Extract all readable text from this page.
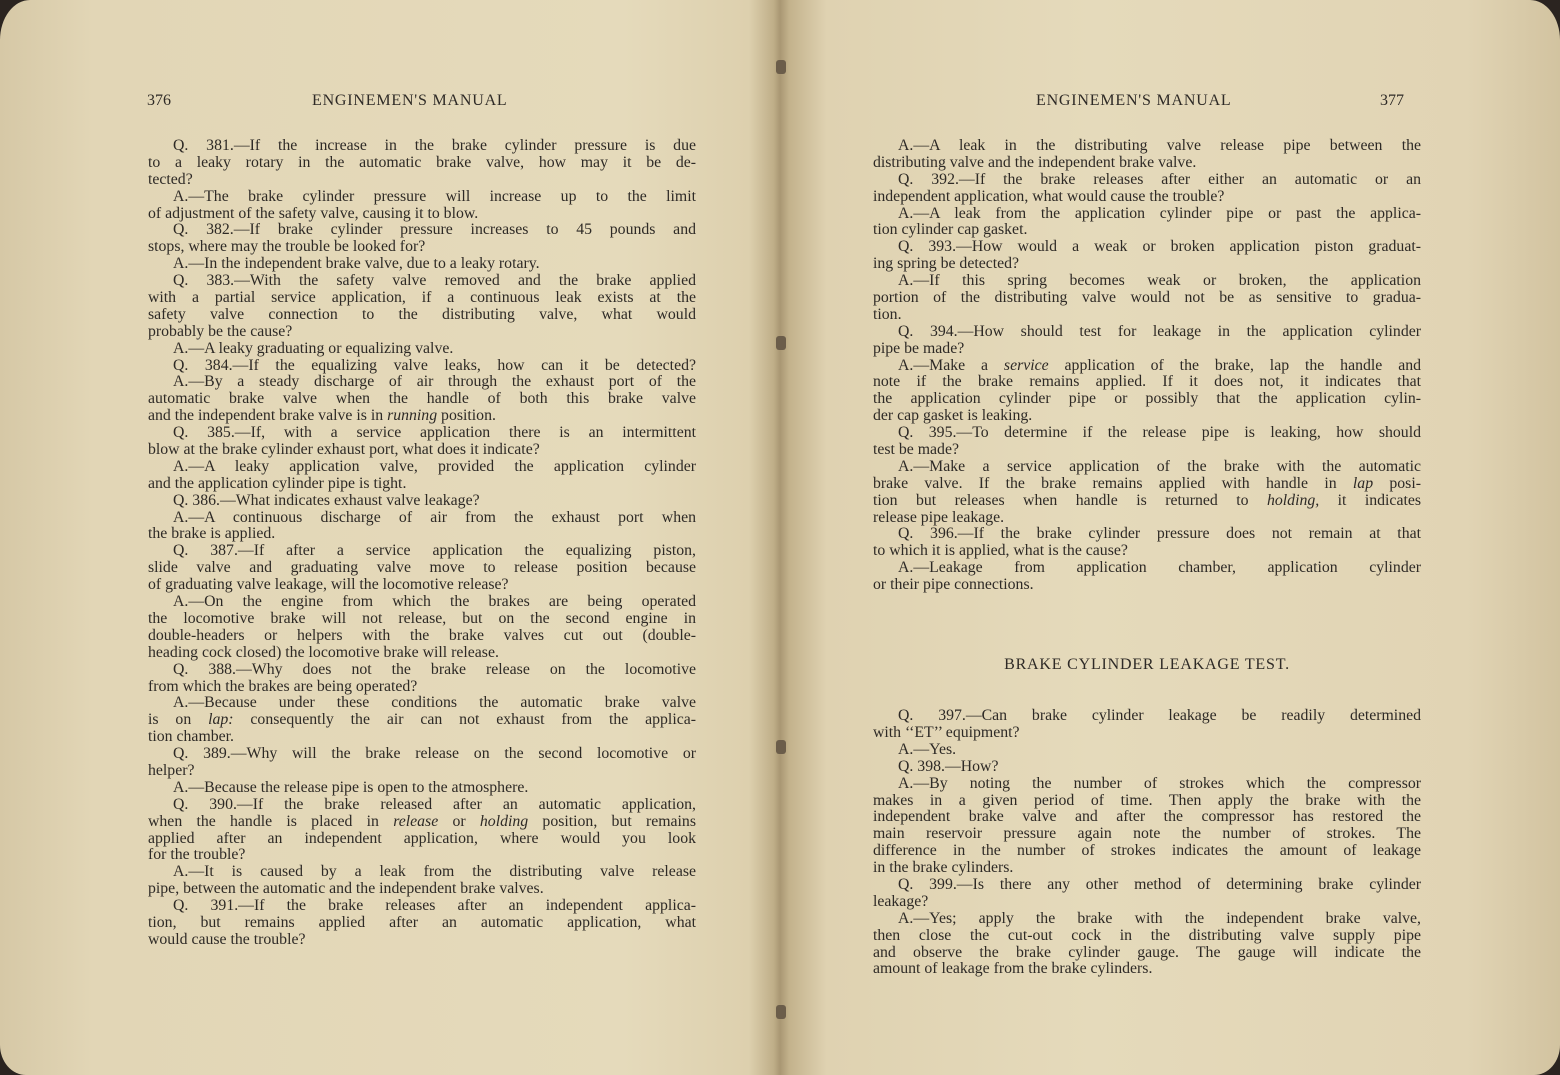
376	ENGINEMEN'S MANUAL
Q. 381.—If the increase in the brake cylinder pressure is due
to a leaky rotary in the automatic brake valve, how may it be de-
tected?
A.—The brake cylinder pressure will increase up to the limit
of adjustment of the safety valve, causing it to blow.
Q. 382.—If brake cylinder pressure increases to 45 pounds and
stops, where may the trouble be looked for?
A.—In the independent brake valve, due to a leaky rotary.
Q. 383.—With the safety valve removed and the brake applied
with a partial service application, if a continuous leak exists at the
safety valve connection to the distributing valve, what would
probably be the cause?
A.—A leaky graduating or equalizing valve.
Q. 384.—If the equalizing valve leaks, how can it be detected?
A.—By a steady discharge of air through the exhaust port of the
automatic brake valve when the handle of both this brake valve
and the independent brake valve is in running position.
Q. 385.—If, with a service application there is an intermittent
blow at the brake cylinder exhaust port, what does it indicate?
A.—A leaky application valve, provided the application cylinder
and the application cylinder pipe is tight.
Q. 386.—What indicates exhaust valve leakage?
A.—A continuous discharge of air from the exhaust port when
the brake is applied.
Q. 387.—If after a service application the equalizing piston,
slide valve and graduating valve move to release position because
of graduating valve leakage, will the locomotive release?
A.—On the engine from which the brakes are being operated
the locomotive brake will not release, but on the second engine in
double-headers or helpers with the brake valves cut out (double-
heading cock closed) the locomotive brake will release.
Q. 388.—Why does not the brake release on the locomotive
from which the brakes are being operated?
A.—Because under these conditions the automatic brake valve
is on lap: consequently the air can not exhaust from the applica-
tion chamber.
Q. 389.—Why will the brake release on the second locomotive or
helper?
A.—Because the release pipe is open to the atmosphere.
Q. 390.—If the brake released after an automatic application,
when the handle is placed in release or holding position, but remains
applied after an independent application, where would you look
for the trouble?
A.—It is caused by a leak from the distributing valve release
pipe, between the automatic and the independent brake valves.
Q. 391.—If the brake releases after an independent applica-
tion, but remains applied after an automatic application, what
would cause the trouble?
ENGINEMEN'S MANUAL	377
A.—A leak in the distributing valve release pipe between the
distributing valve and the independent brake valve.
Q. 392.—If the brake releases after either an automatic or an
independent application, what would cause the trouble?
A.—A leak from the application cylinder pipe or past the applica-
tion cylinder cap gasket.
Q. 393.—How would a weak or broken application piston graduat-
ing spring be detected?
A.—If this spring becomes weak or broken, the application
portion of the distributing valve would not be as sensitive to gradua-
tion.
Q. 394.—How should test for leakage in the application cylinder
pipe be made?
A.—Make a service application of the brake, lap the handle and
note if the brake remains applied. If it does not, it indicates that
the application cylinder pipe or possibly that the application cylin-
der cap gasket is leaking.
Q. 395.—To determine if the release pipe is leaking, how should
test be made?
A.—Make a service application of the brake with the automatic
brake valve. If the brake remains applied with handle in lap posi-
tion but releases when handle is returned to holding, it indicates
release pipe leakage.
Q. 396.—If the brake cylinder pressure does not remain at that
to which it is applied, what is the cause?
A.—Leakage from application chamber, application cylinder
or their pipe connections.
BRAKE CYLINDER LEAKAGE TEST.
Q. 397.—Can brake cylinder leakage be readily determined
with ‘‘ET’’ equipment?
A.—Yes.
Q. 398.—How?
A.—By noting the number of strokes which the compressor
makes in a given period of time. Then apply the brake with the
independent brake valve and after the compressor has restored the
main reservoir pressure again note the number of strokes. The
difference in the number of strokes indicates the amount of leakage
in the brake cylinders.
Q. 399.—Is there any other method of determining brake cylinder
leakage?
A.—Yes; apply the brake with the independent brake valve,
then close the cut-out cock in the distributing valve supply pipe
and observe the brake cylinder gauge. The gauge will indicate the
amount of leakage from the brake cylinders.
